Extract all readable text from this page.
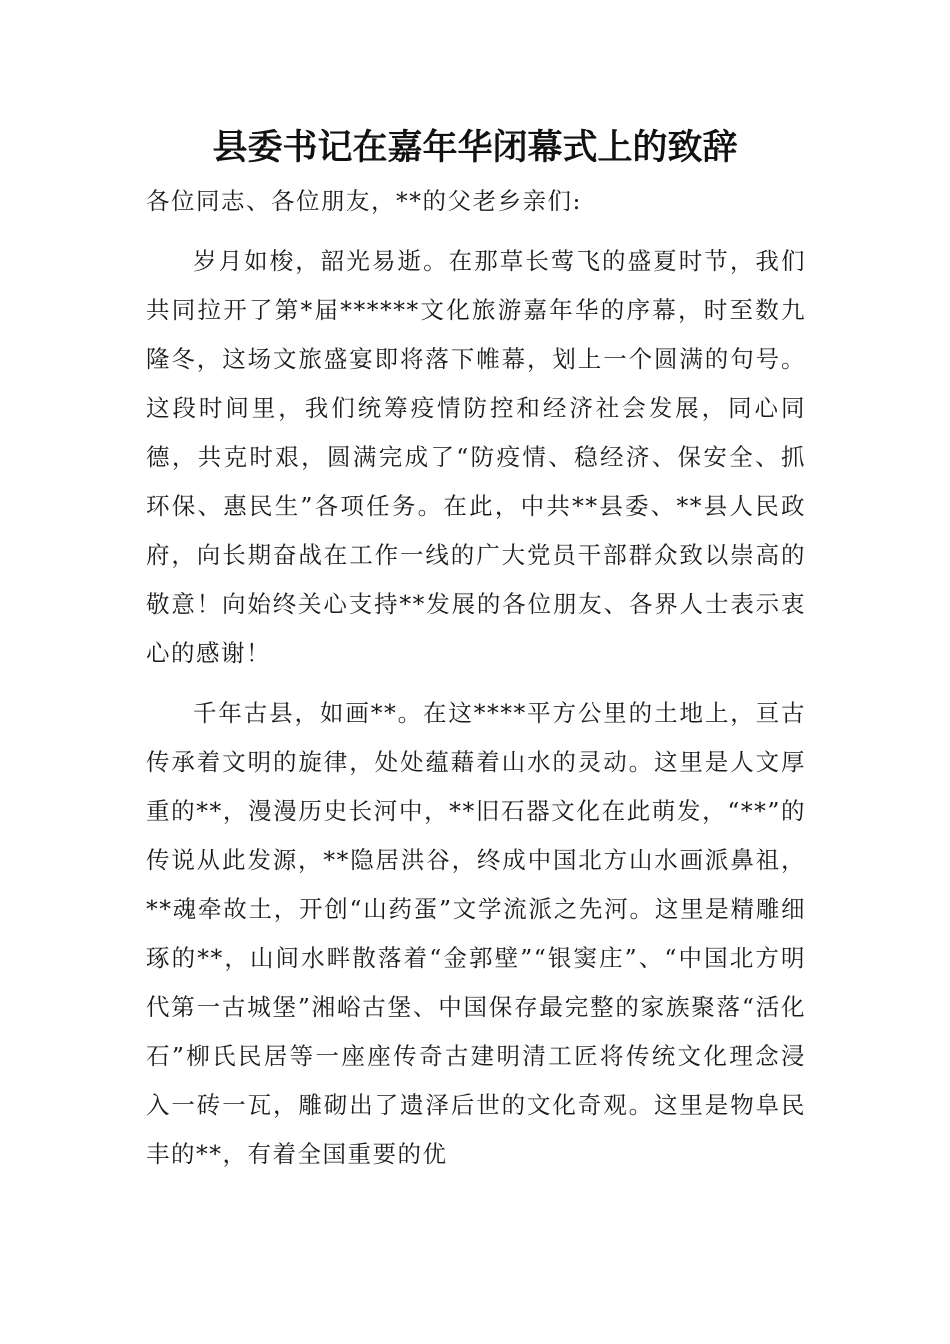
县委书记在嘉年华闭幕式上的致辞

各位同志、各位朋友，**的父老乡亲们:

岁月如梭，韶光易逝。在那草长莺飞的盛夏时节，我们共同拉开了第*届******文化旅游嘉年华的序幕，时至数九隆冬，这场文旅盛宴即将落下帷幕，划上一个圆满的句号。这段时间里，我们统筹疫情防控和经济社会发展，同心同德，共克时艰，圆满完成了“防疫情、稳经济、保安全、抓环保、惠民生”各项任务。在此，中共**县委、**县人民政府，向长期奋战在工作一线的广大党员干部群众致以崇高的敬意！向始终关心支持**发展的各位朋友、各界人士表示衷心的感谢！

千年古县，如画**。在这****平方公里的土地上，亘古传承着文明的旋律，处处蕴藉着山水的灵动。这里是人文厚重的**，漫漫历史长河中，**旧石器文化在此萌发，“**”的传说从此发源，**隐居洪谷，终成中国北方山水画派鼻祖，**魂牵故土，开创“山药蛋”文学流派之先河。这里是精雕细琢的**，山间水畔散落着“金郭壁”“银窦庄”、“中国北方明代第一古城堡”湘峪古堡、中国保存最完整的家族聚落“活化石”柳氏民居等一座座传奇古建明清工匠将传统文化理念浸入一砖一瓦，雕砌出了遗泽后世的文化奇观。这里是物阜民丰的**，有着全国重要的优
